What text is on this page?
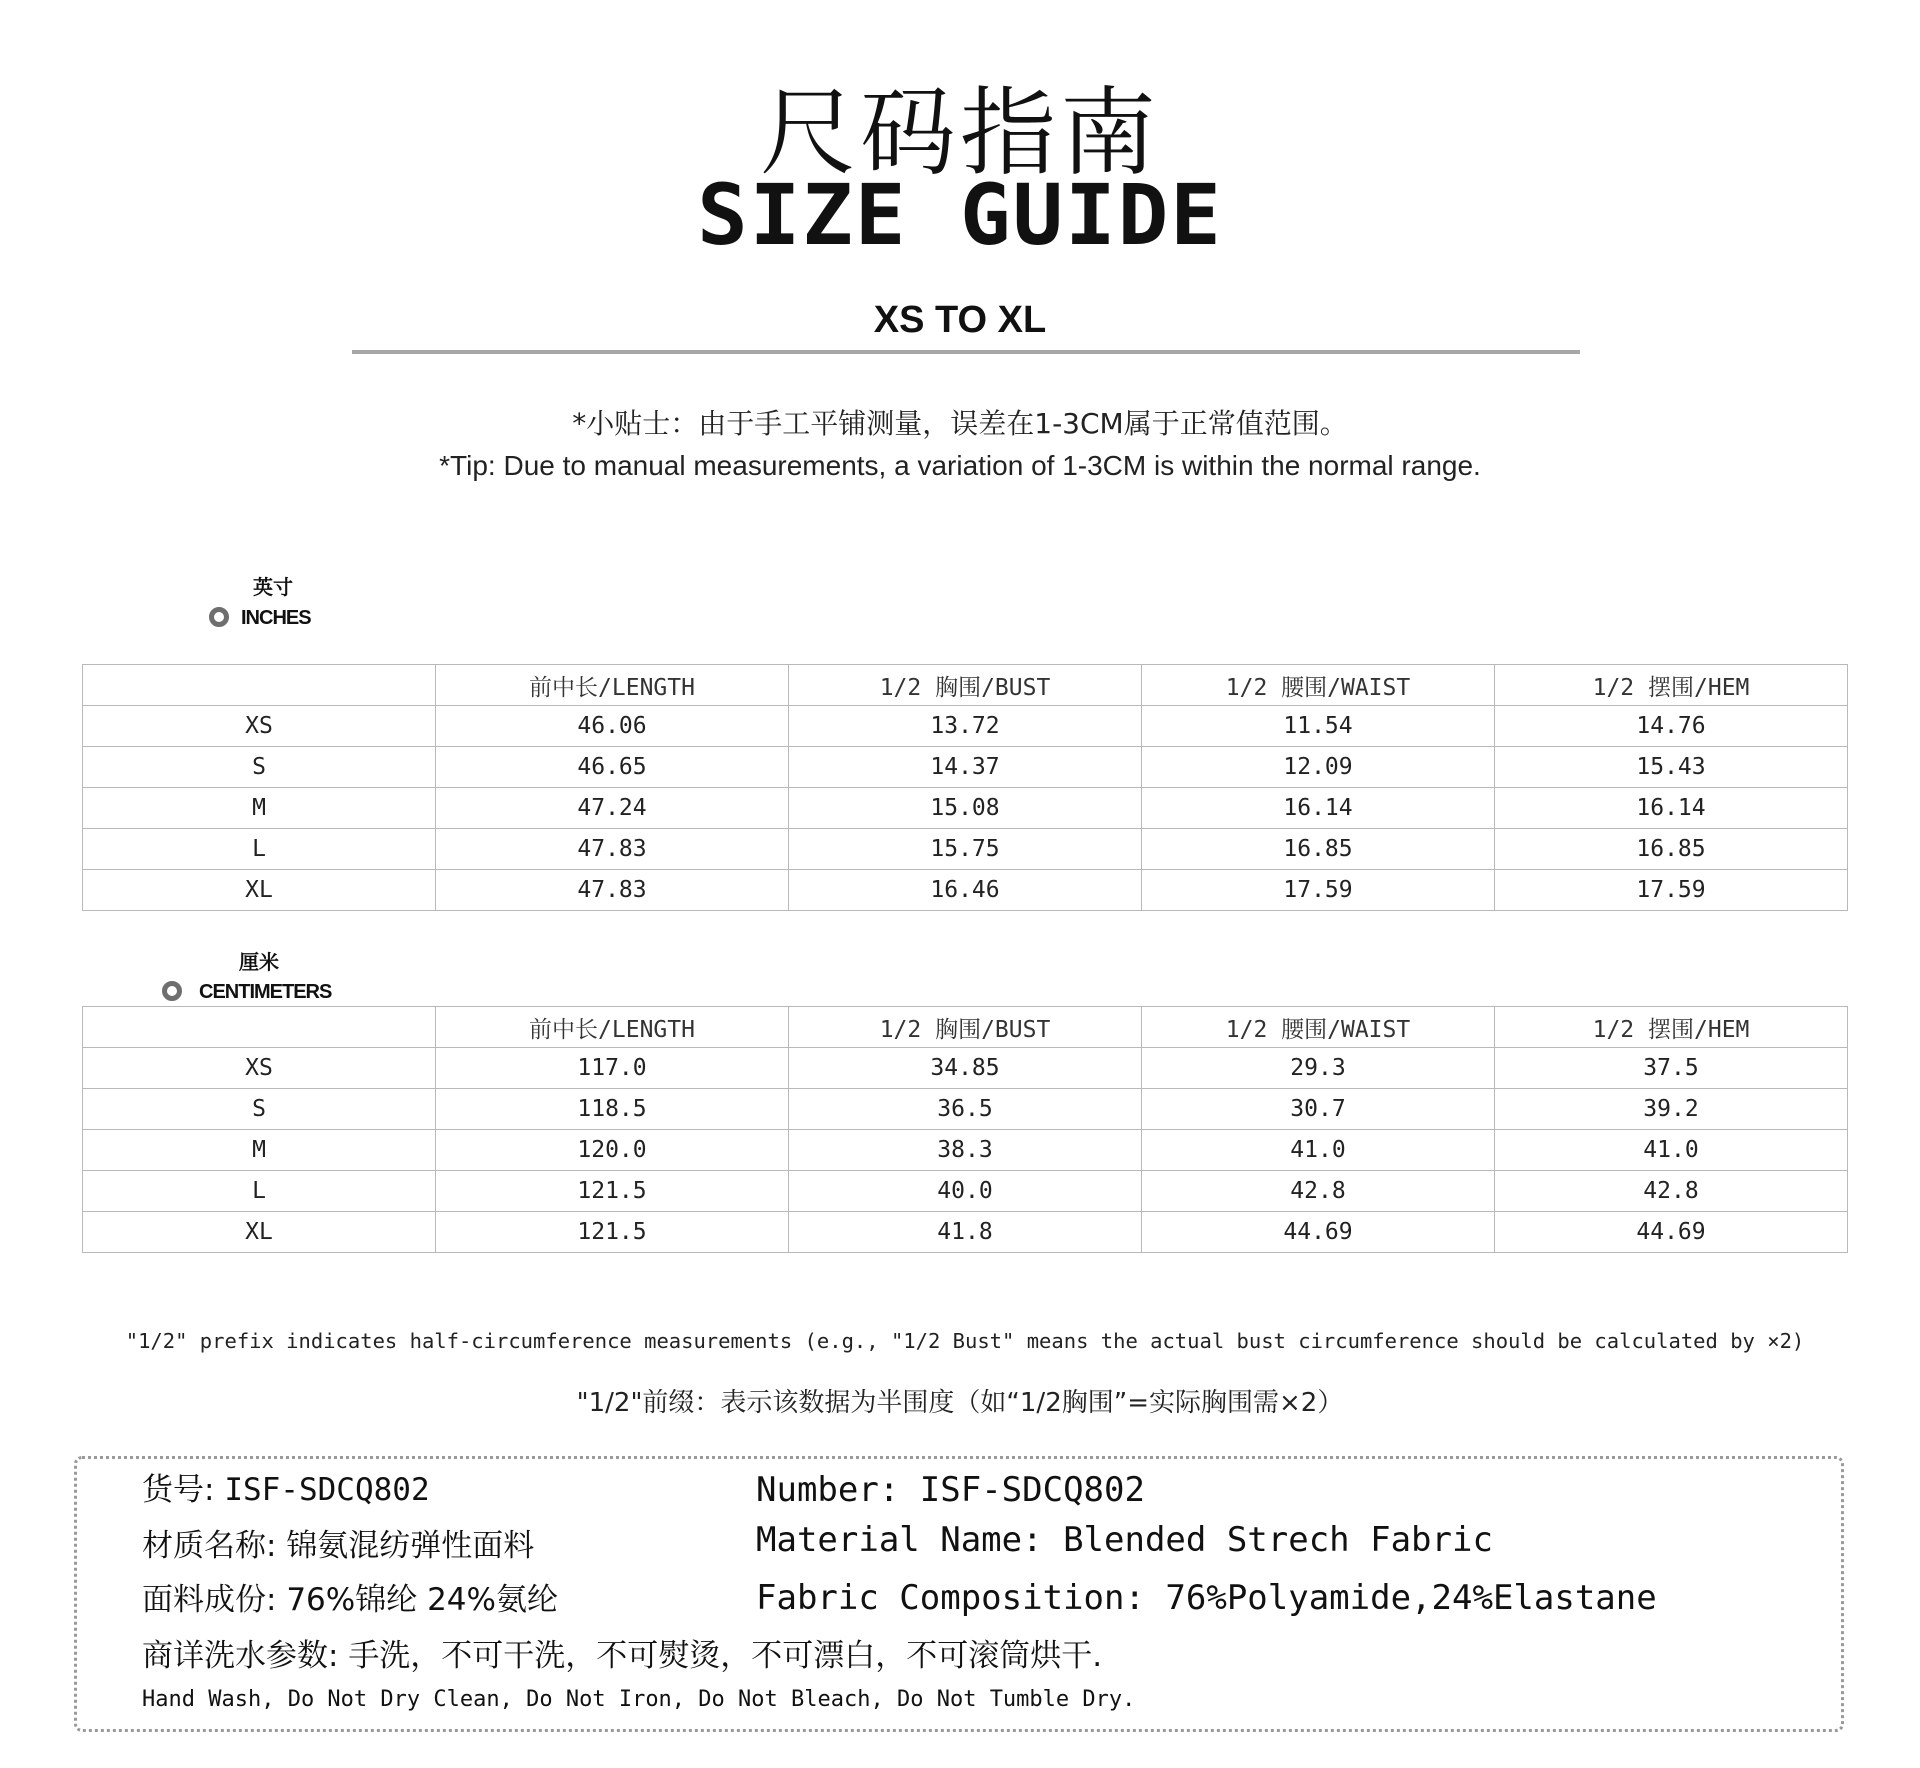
尺码指南
SIZE GUIDE
XS TO XL
*小贴士：由于手工平铺测量，误差在1-3CM属于正常值范围。
*Tip: Due to manual measurements, a variation of 1-3CM is within the normal range.
英寸
INCHES
	前中长/LENGTH	1/2 胸围/BUST	1/2 腰围/WAIST	1/2 摆围/HEM
XS	46.06	13.72	11.54	14.76
S	46.65	14.37	12.09	15.43
M	47.24	15.08	16.14	16.14
L	47.83	15.75	16.85	16.85
XL	47.83	16.46	17.59	17.59
厘米
CENTIMETERS
	前中长/LENGTH	1/2 胸围/BUST	1/2 腰围/WAIST	1/2 摆围/HEM
XS	117.0	34.85	29.3	37.5
S	118.5	36.5	30.7	39.2
M	120.0	38.3	41.0	41.0
L	121.5	40.0	42.8	42.8
XL	121.5	41.8	44.69	44.69
"1/2" prefix indicates half-circumference measurements (e.g., "1/2 Bust" means the actual bust circumference should be calculated by ×2)
"1/2"前缀：表示该数据为半围度（如“1/2胸围”=实际胸围需×2）
货号: ISF-SDCQ802	Number: ISF-SDCQ802
材质名称: 锦氨混纺弹性面料	Material Name: Blended Strech Fabric
面料成份: 76%锦纶 24%氨纶	Fabric Composition: 76%Polyamide,24%Elastane
商详洗水参数: 手洗，不可干洗，不可熨烫，不可漂白，不可滚筒烘干.
Hand Wash, Do Not Dry Clean, Do Not Iron, Do Not Bleach, Do Not Tumble Dry.
